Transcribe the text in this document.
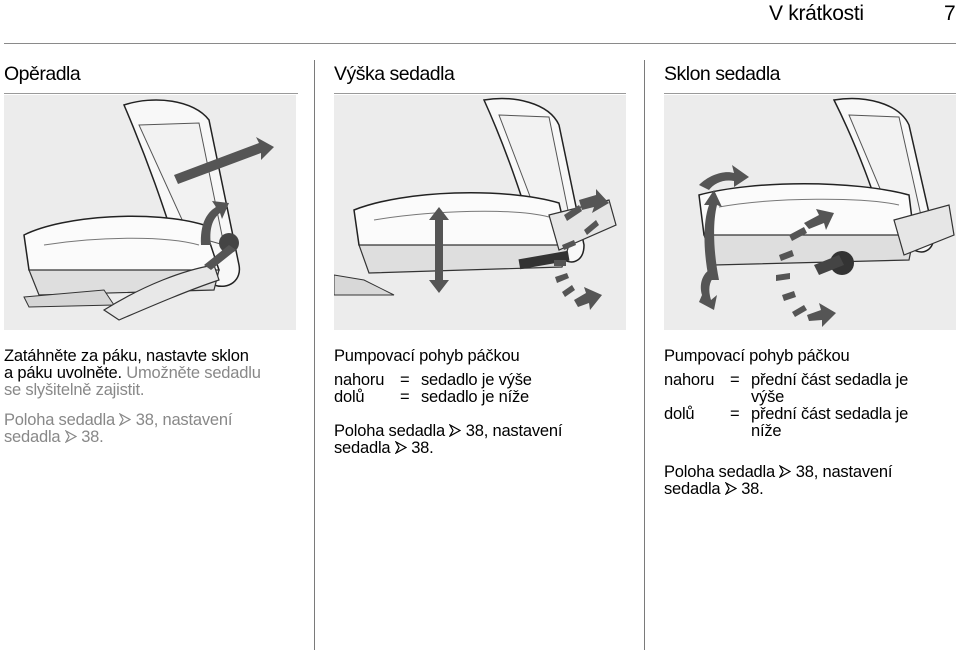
V krátkosti	7
Opěradla
Zatáhněte za páku, nastavte sklon
a páku uvolněte. Umožněte sedadlu
se slyšitelně zajistit.
Poloha sedadla 38, nastavení
sedadla 38.
Výška sedadla
Pumpovací pohyb páčkou
nahoru = sedadlo je výše
dolů = sedadlo je níže
Poloha sedadla 38, nastavení
sedadla 38.
Sklon sedadla
Pumpovací pohyb páčkou
nahoru = přední část sedadla je
výše
dolů = přední část sedadla je
níže
Poloha sedadla 38, nastavení
sedadla 38.
